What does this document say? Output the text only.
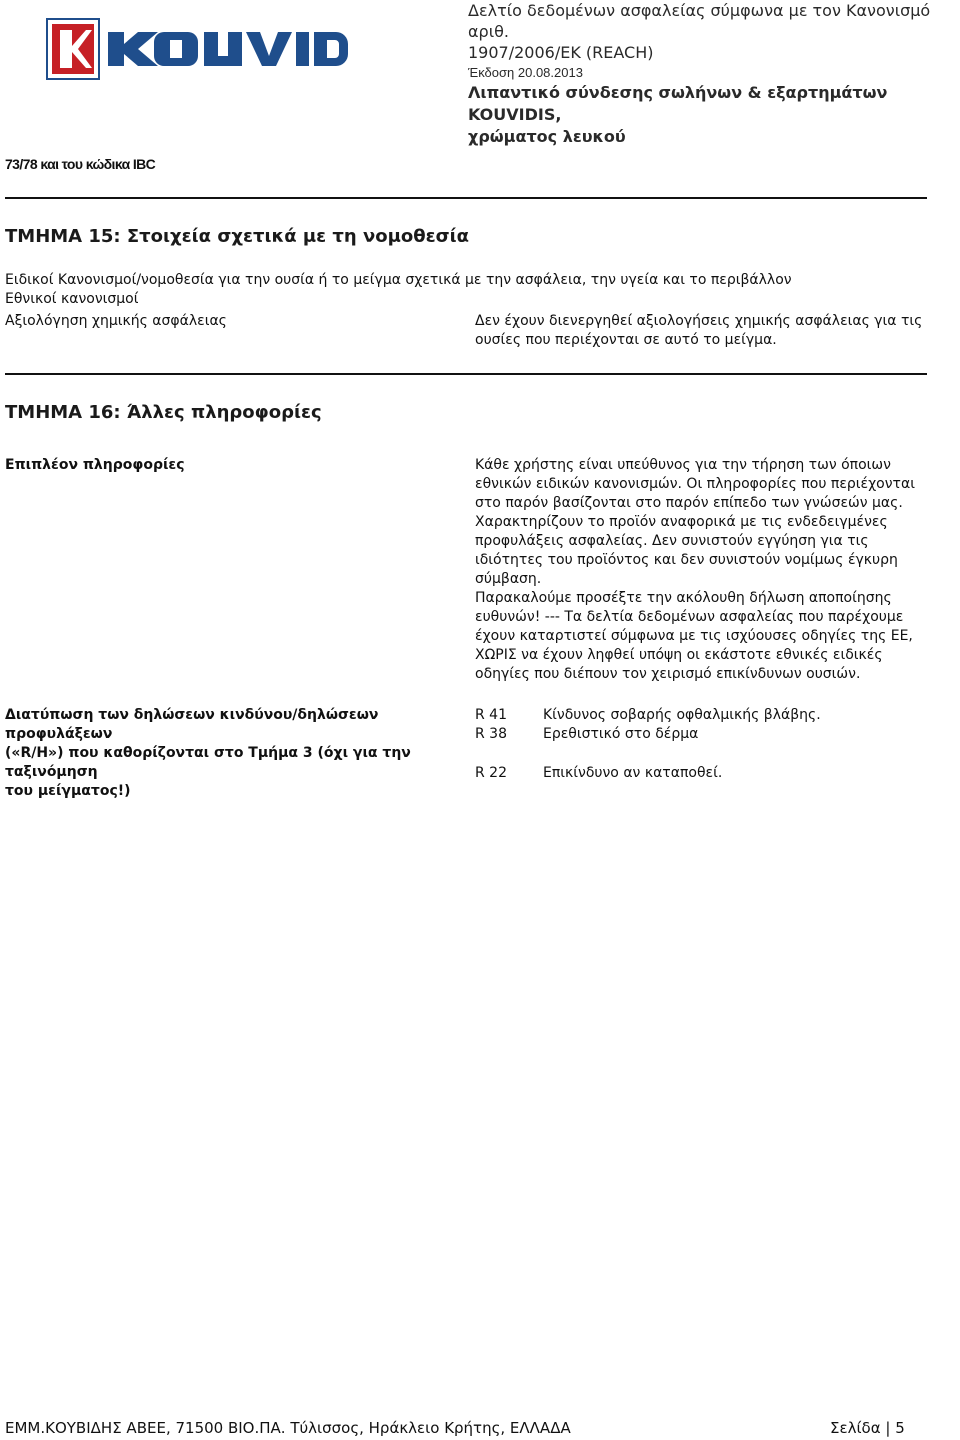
Δελτίο δεδομένων ασφαλείας σύμφωνα με τον Κανονισμό αριθ.
1907/2006/ΕΚ (REACH)
Έκδοση 20.08.2013
Λιπαντικό σύνδεσης σωλήνων & εξαρτημάτων KOUVIDIS,
χρώματος λευκού
73/78 και του κώδικα IBC
ΤΜΗΜΑ 15: Στοιχεία σχετικά με τη νομοθεσία
Ειδικοί Κανονισμοί/νομοθεσία για την ουσία ή το μείγμα σχετικά με την ασφάλεια, την υγεία και το περιβάλλον
Εθνικοί κανονισμοί
Αξιολόγηση χημικής ασφάλειας	Δεν έχουν διενεργηθεί αξιολογήσεις χημικής ασφάλειας για τις
ουσίες που περιέχονται σε αυτό το μείγμα.
ΤΜΗΜΑ 16: Άλλες πληροφορίες
Επιπλέον πληροφορίες	Κάθε χρήστης είναι υπεύθυνος για την τήρηση των όποιων
εθνικών ειδικών κανονισμών. Οι πληροφορίες που περιέχονται
στο παρόν βασίζονται στο παρόν επίπεδο των γνώσεών μας.
Χαρακτηρίζουν το προϊόν αναφορικά με τις ενδεδειγμένες
προφυλάξεις ασφαλείας. Δεν συνιστούν εγγύηση για τις
ιδιότητες του προϊόντος και δεν συνιστούν νομίμως έγκυρη
σύμβαση.
Παρακαλούμε προσέξτε την ακόλουθη δήλωση αποποίησης
ευθυνών! --- Τα δελτία δεδομένων ασφαλείας που παρέχουμε
έχουν καταρτιστεί σύμφωνα με τις ισχύουσες οδηγίες της ΕΕ,
ΧΩΡΙΣ να έχουν ληφθεί υπόψη οι εκάστοτε εθνικές ειδικές
οδηγίες που διέπουν τον χειρισμό επικίνδυνων ουσιών.
Διατύπωση των δηλώσεων κινδύνου/δηλώσεων προφυλάξεων
(«R/H») που καθορίζονται στο Τμήμα 3 (όχι για την ταξινόμηση
του μείγματος!)
R 41	Κίνδυνος σοβαρής οφθαλμικής βλάβης.
R 38	Ερεθιστικό στο δέρμα
R 22	Επικίνδυνο αν καταποθεί.
ΕΜΜ.ΚΟΥΒΙΔΗΣ ΑΒΕΕ, 71500 ΒΙΟ.ΠΑ. Τύλισσος, Ηράκλειο Κρήτης, ΕΛΛΑΔΑ	Σελίδα | 5
